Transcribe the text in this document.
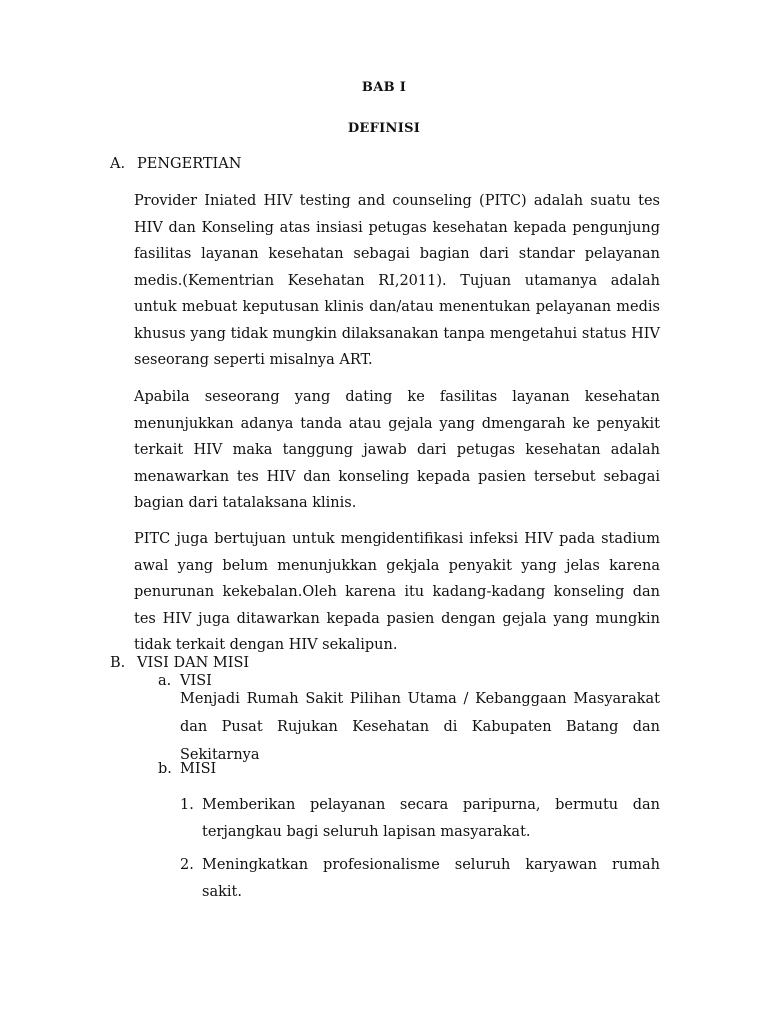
BAB I
DEFINISI
A. PENGERTIAN

Provider Iniated HIV testing and counseling (PITC) adalah suatu tes HIV dan Konseling atas insiasi petugas kesehatan kepada pengunjung fasilitas layanan kesehatan sebagai bagian dari standar pelayanan medis.(Kementrian Kesehatan RI,2011). Tujuan utamanya adalah untuk mebuat keputusan klinis dan/atau menentukan pelayanan medis khusus yang tidak mungkin dilaksanakan tanpa mengetahui status HIV seseorang seperti misalnya ART.

Apabila seseorang yang dating ke fasilitas layanan kesehatan menunjukkan adanya tanda atau gejala yang dmengarah ke penyakit terkait HIV maka tanggung jawab dari petugas kesehatan adalah menawarkan tes HIV dan konseling kepada pasien tersebut sebagai bagian dari tatalaksana klinis.

PITC juga bertujuan untuk mengidentifikasi infeksi HIV pada stadium awal yang belum menunjukkan gekjala penyakit yang jelas karena penurunan kekebalan.Oleh karena itu kadang-kadang konseling dan tes HIV juga ditawarkan kepada pasien dengan gejala yang mungkin tidak terkait dengan HIV sekalipun.

B. VISI DAN MISI
a. VISI

Menjadi Rumah Sakit Pilihan Utama / Kebanggaan Masyarakat dan Pusat Rujukan Kesehatan di Kabupaten Batang dan Sekitarnya

b. MISI
1. Memberikan pelayanan secara paripurna, bermutu dan terjangkau bagi seluruh lapisan masyarakat.

2. Meningkatkan profesionalisme seluruh karyawan rumah sakit.
